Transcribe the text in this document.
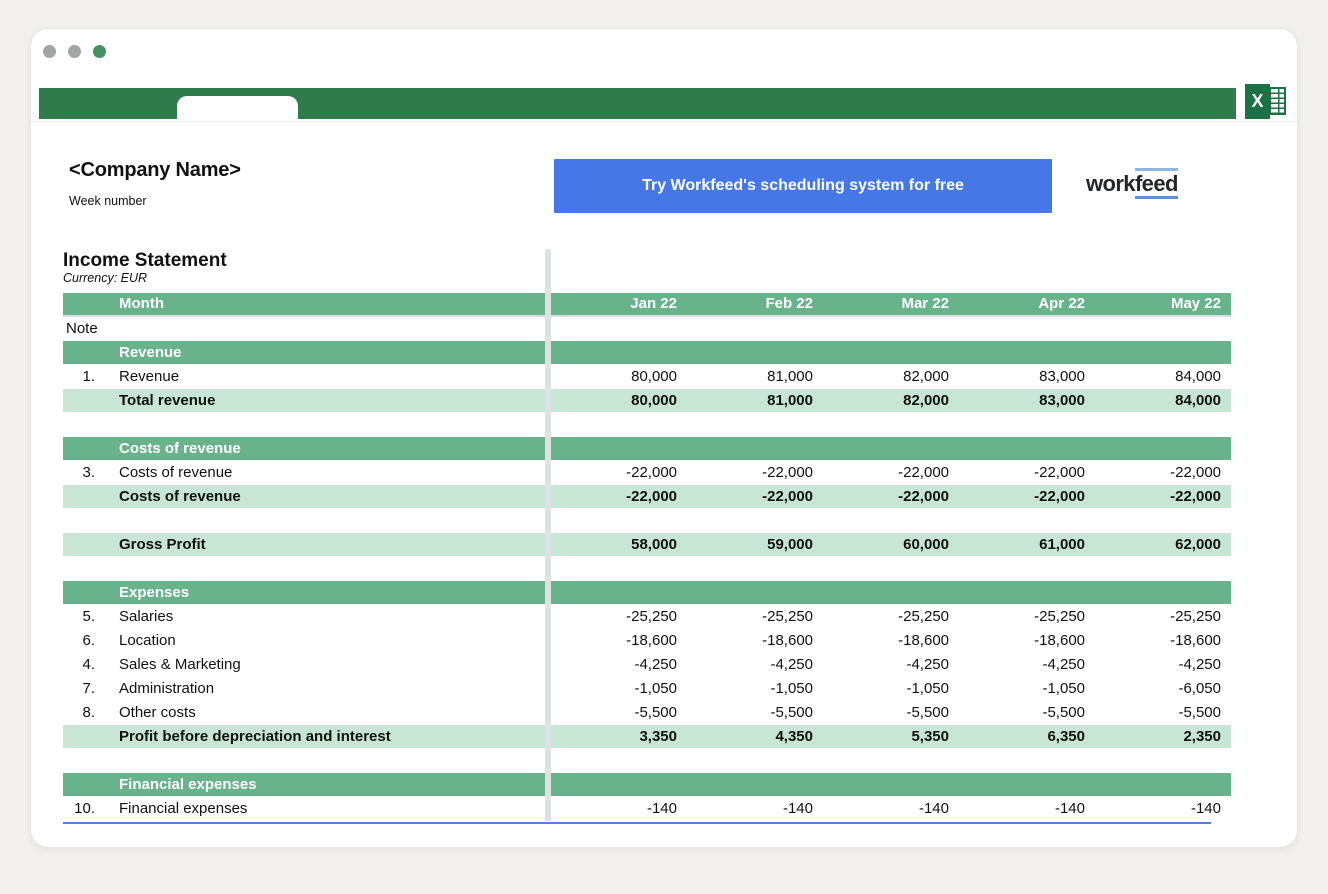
X
<Company Name>
Week number
Try Workfeed's scheduling system for free	workfeed
Income Statement
Currency: EUR
Month	Jan 22	Feb 22	Mar 22	Apr 22	May 22
Note
Revenue
1.	Revenue	80,000	81,000	82,000	83,000	84,000
Total revenue	80,000	81,000	82,000	83,000	84,000
Costs of revenue
3.	Costs of revenue	-22,000	-22,000	-22,000	-22,000	-22,000
Costs of revenue	-22,000	-22,000	-22,000	-22,000	-22,000
Gross Profit	58,000	59,000	60,000	61,000	62,000
Expenses
5.	Salaries	-25,250	-25,250	-25,250	-25,250	-25,250
6.	Location	-18,600	-18,600	-18,600	-18,600	-18,600
4.	Sales & Marketing	-4,250	-4,250	-4,250	-4,250	-4,250
7.	Administration	-1,050	-1,050	-1,050	-1,050	-6,050
8.	Other costs	-5,500	-5,500	-5,500	-5,500	-5,500
Profit before depreciation and interest	3,350	4,350	5,350	6,350	2,350
Financial expenses
10.	Financial expenses	-140	-140	-140	-140	-140
